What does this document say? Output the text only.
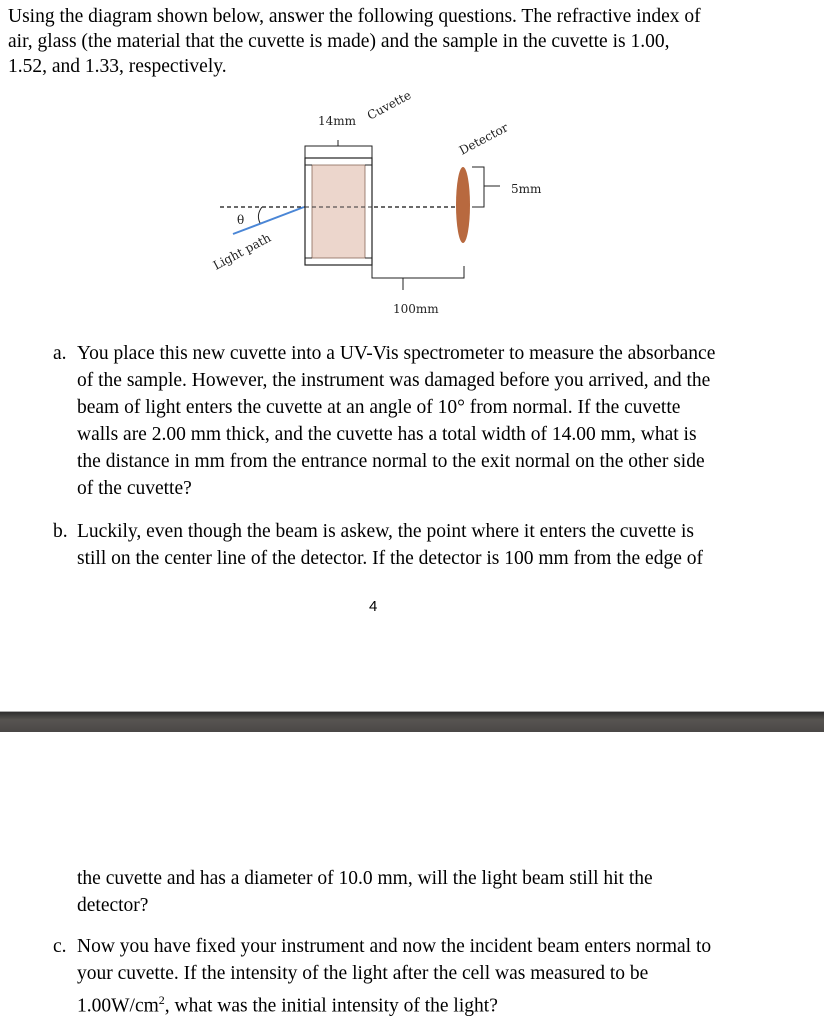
Using the diagram shown below, answer the following questions. The refractive index of
air, glass (the material that the cuvette is made) and the sample in the cuvette is 1.00,
1.52, and 1.33, respectively.
14mm Cuvette
Detector
5mm
θ
Light path
100mm
a. You place this new cuvette into a UV-Vis spectrometer to measure the absorbance
of the sample. However, the instrument was damaged before you arrived, and the
beam of light enters the cuvette at an angle of 10° from normal. If the cuvette
walls are 2.00 mm thick, and the cuvette has a total width of 14.00 mm, what is
the distance in mm from the entrance normal to the exit normal on the other side
of the cuvette?
b. Luckily, even though the beam is askew, the point where it enters the cuvette is
still on the center line of the detector. If the detector is 100 mm from the edge of
4
the cuvette and has a diameter of 10.0 mm, will the light beam still hit the
detector?
c. Now you have fixed your instrument and now the incident beam enters normal to
your cuvette. If the intensity of the light after the cell was measured to be
$1.00W/cm^2$, what was the initial intensity of the light?
